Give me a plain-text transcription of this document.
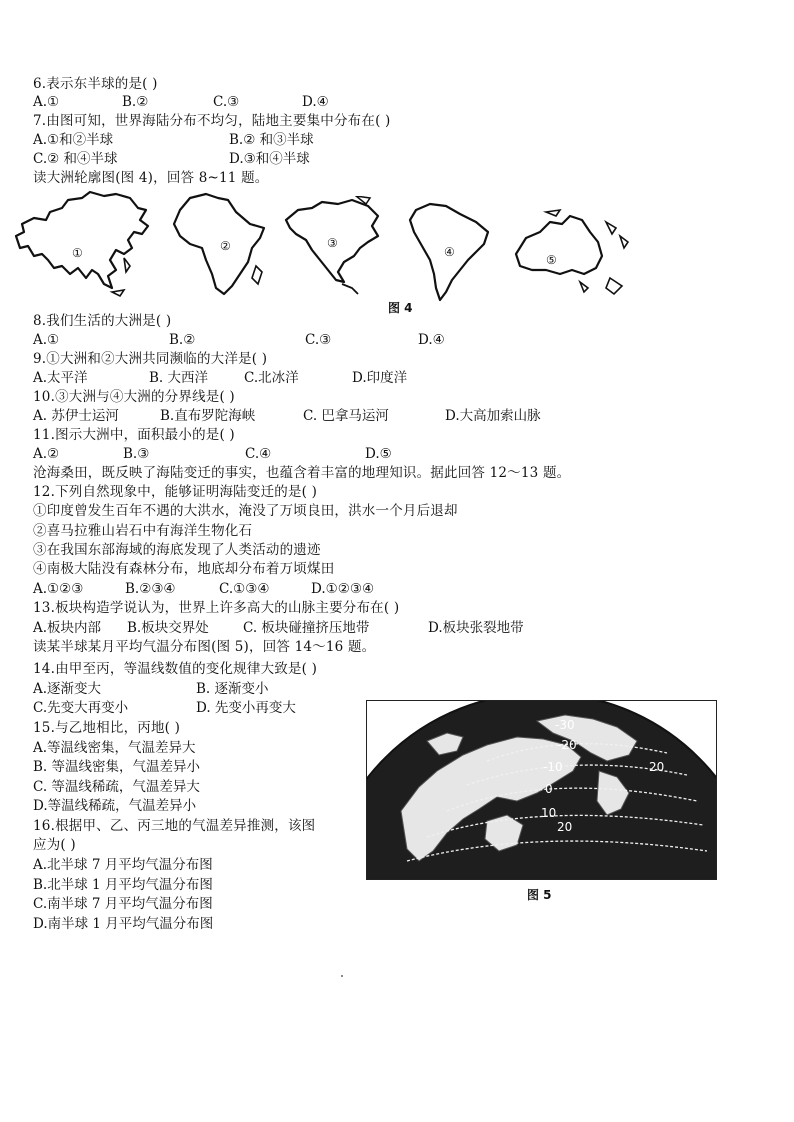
6.表示东半球的是( )
A.①	B.②	C.③	D.④
7.由图可知，世界海陆分布不均匀，陆地主要集中分布在( )
A.①和②半球	B.② 和③半球
C.② 和④半球	D.③和④半球
读大洲轮廓图(图 4)，回答 8~11 题。
①	②	③
④
⑤
图 4
8.我们生活的大洲是( )
A.①	B.②	C.③	D.④
9.①大洲和②大洲共同濒临的大洋是( )
A.太平洋	B. 大西洋	C.北冰洋	D.印度洋
10.③大洲与④大洲的分界线是( )
A. 苏伊士运河	B.直布罗陀海峡	C. 巴拿马运河	D.大高加索山脉
11.图示大洲中，面积最小的是( )
A.②	B.③	C.④	D.⑤
沧海桑田，既反映了海陆变迁的事实，也蕴含着丰富的地理知识。据此回答 12～13 题。
12.下列自然现象中，能够证明海陆变迁的是( )
①印度曾发生百年不遇的大洪水，淹没了万顷良田，洪水一个月后退却
②喜马拉雅山岩石中有海洋生物化石
③在我国东部海域的海底发现了人类活动的遗迹
④南极大陆没有森林分布，地底却分布着万顷煤田
A.①②③	B.②③④	C.①③④	D.①②③④
13.板块构造学说认为，世界上许多高大的山脉主要分布在( )
A.板块内部 B.板块交界处	C. 板块碰撞挤压地带	D.板块张裂地带
读某半球某月平均气温分布图(图 5)，回答 14～16 题。
14.由甲至丙，等温线数值的变化规律大致是( )
A.逐渐变大	B. 逐渐变小
C.先变大再变小	D. 先变小再变大
15.与乙地相比，丙地( )
A.等温线密集，气温差异大
B. 等温线密集，气温差异小
C. 等温线稀疏，气温差异大
D.等温线稀疏，气温差异小
16.根据甲、乙、丙三地的气温差异推测，该图
应为( )
A.北半球 7 月平均气温分布图
B.北半球 1 月平均气温分布图
C.南半球 7 月平均气温分布图
D.南半球 1 月平均气温分布图
-30
-20
-10
0
10
20
20
图 5
